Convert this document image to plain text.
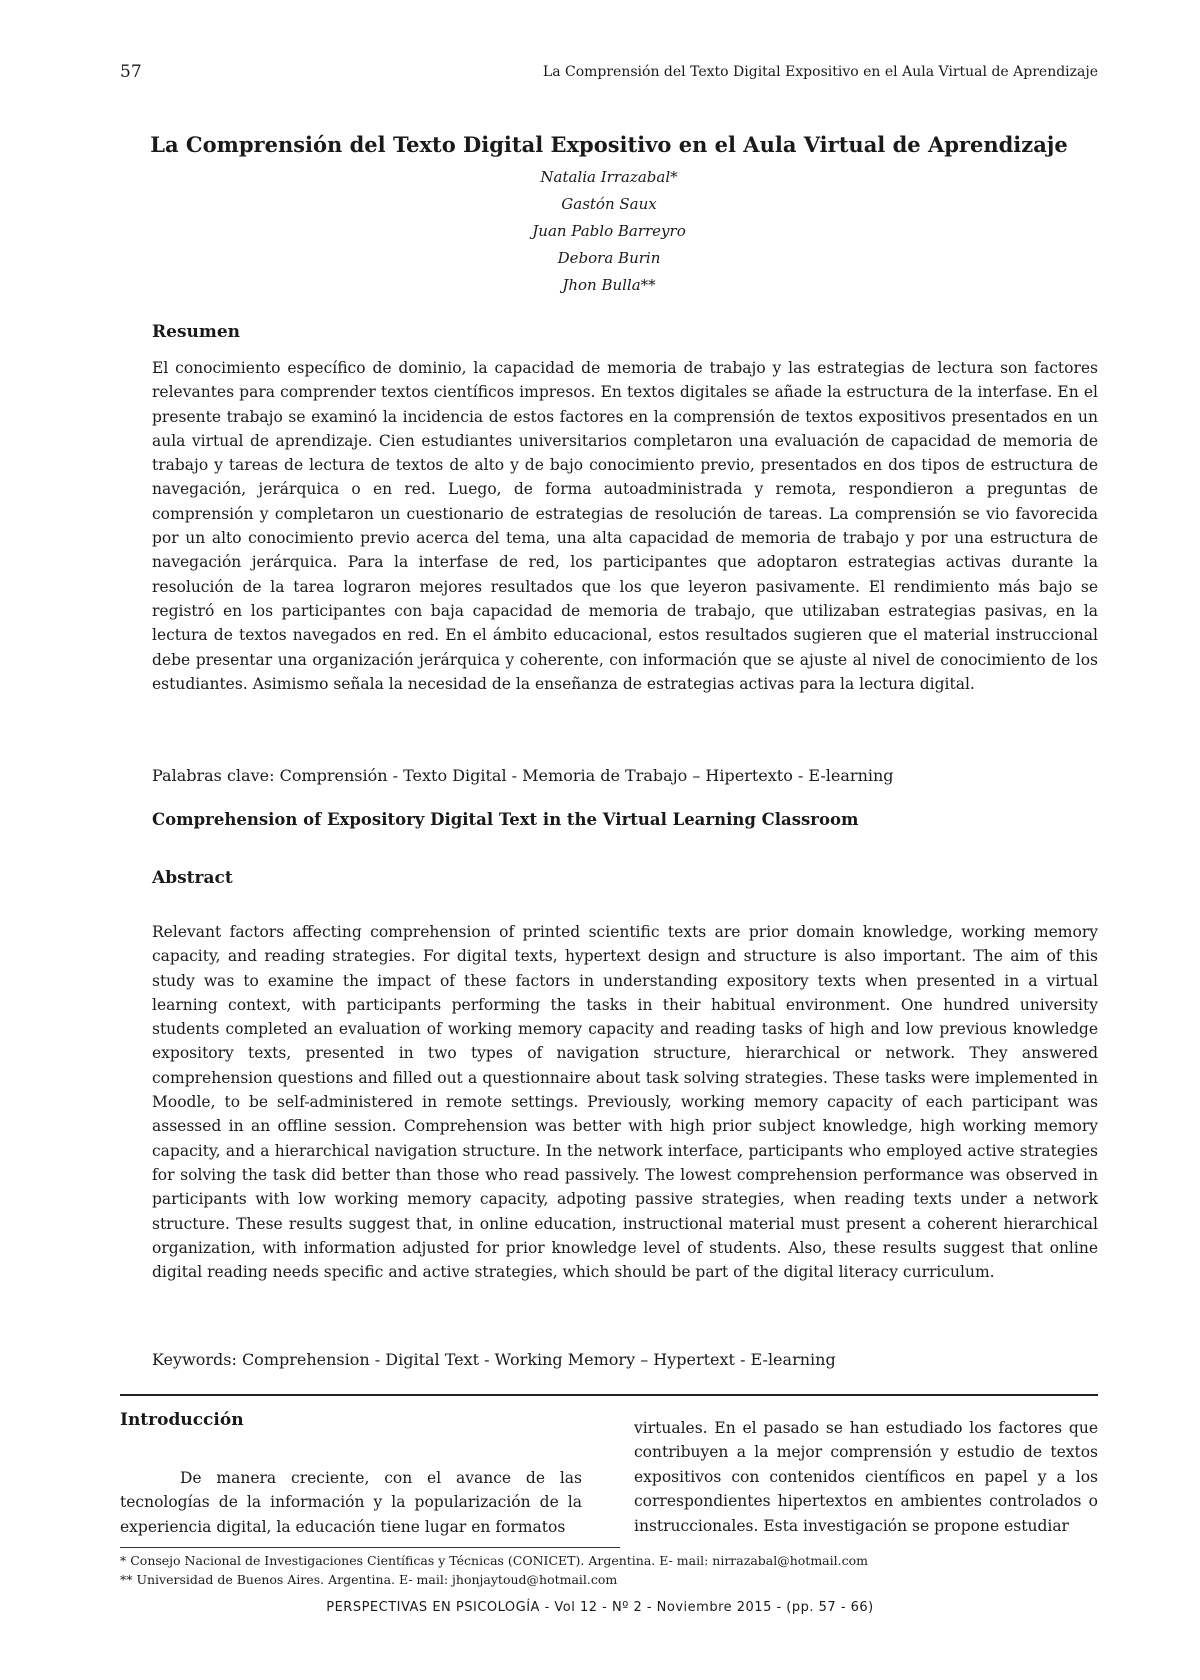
57	La Comprensión del Texto Digital Expositivo en el Aula Virtual de Aprendizaje
La Comprensión del Texto Digital Expositivo en el Aula Virtual de Aprendizaje
Natalia Irrazabal*
Gastón Saux
Juan Pablo Barreyro
Debora Burin
Jhon Bulla**
Resumen

El conocimiento específico de dominio, la capacidad de memoria de trabajo y las estrategias de lectura son factores relevantes para comprender textos científicos impresos. En textos digitales se añade la estructura de la interfase. En el presente trabajo se examinó la incidencia de estos factores en la comprensión de textos expositivos presentados en un aula virtual de aprendizaje. Cien estudiantes universitarios completaron una evaluación de capacidad de memoria de trabajo y tareas de lectura de textos de alto y de bajo conocimiento previo, presentados en dos tipos de estructura de navegación, jerárquica o en red. Luego, de forma autoadministrada y remota, respondieron a preguntas de comprensión y completaron un cuestionario de estrategias de resolución de tareas. La comprensión se vio favorecida por un alto conocimiento previo acerca del tema, una alta capacidad de memoria de trabajo y por una estructura de navegación jerárquica. Para la interfase de red, los participantes que adoptaron estrategias activas durante la resolución de la tarea lograron mejores resultados que los que leyeron pasivamente. El rendimiento más bajo se registró en los participantes con baja capacidad de memoria de trabajo, que utilizaban estrategias pasivas, en la lectura de textos navegados en red. En el ámbito educacional, estos resultados sugieren que el material instruccional debe presentar una organización jerárquica y coherente, con información que se ajuste al nivel de conocimiento de los estudiantes. Asimismo señala la necesidad de la enseñanza de estrategias activas para la lectura digital.

Palabras clave: Comprensión - Texto Digital - Memoria de Trabajo – Hipertexto - E-learning
Comprehension of Expository Digital Text in the Virtual Learning Classroom
Abstract

Relevant factors affecting comprehension of printed scientific texts are prior domain knowledge, working memory capacity, and reading strategies. For digital texts, hypertext design and structure is also important. The aim of this study was to examine the impact of these factors in understanding expository texts when presented in a virtual learning context, with participants performing the tasks in their habitual environment. One hundred university students completed an evaluation of working memory capacity and reading tasks of high and low previous knowledge expository texts, presented in two types of navigation structure, hierarchical or network. They answered comprehension questions and filled out a questionnaire about task solving strategies. These tasks were implemented in Moodle, to be self-administered in remote settings. Previously, working memory capacity of each participant was assessed in an offline session. Comprehension was better with high prior subject knowledge, high working memory capacity, and a hierarchical navigation structure. In the network interface, participants who employed active strategies for solving the task did better than those who read passively. The lowest comprehension performance was observed in participants with low working memory capacity, adpoting passive strategies, when reading texts under a network structure. These results suggest that, in online education, instructional material must present a coherent hierarchical organization, with information adjusted for prior knowledge level of students. Also, these results suggest that online digital reading needs specific and active strategies, which should be part of the digital literacy curriculum.

Keywords: Comprehension - Digital Text - Working Memory – Hypertext - E-learning
Introducción

De manera creciente, con el avance de las tecnologías de la información y la popularización de la experiencia digital, la educación tiene lugar en formatos

virtuales. En el pasado se han estudiado los factores que contribuyen a la mejor comprensión y estudio de textos expositivos con contenidos científicos en papel y a los correspondientes hipertextos en ambientes controlados o instruccionales. Esta investigación se propone estudiar

* Consejo Nacional de Investigaciones Científicas y Técnicas (CONICET). Argentina. E- mail: nirrazabal@hotmail.com
** Universidad de Buenos Aires. Argentina. E- mail: jhonjaytoud@hotmail.com
PERSPECTIVAS EN PSICOLOGÍA - Vol 12 - Nº 2 - Noviembre 2015 - (pp. 57 - 66)
